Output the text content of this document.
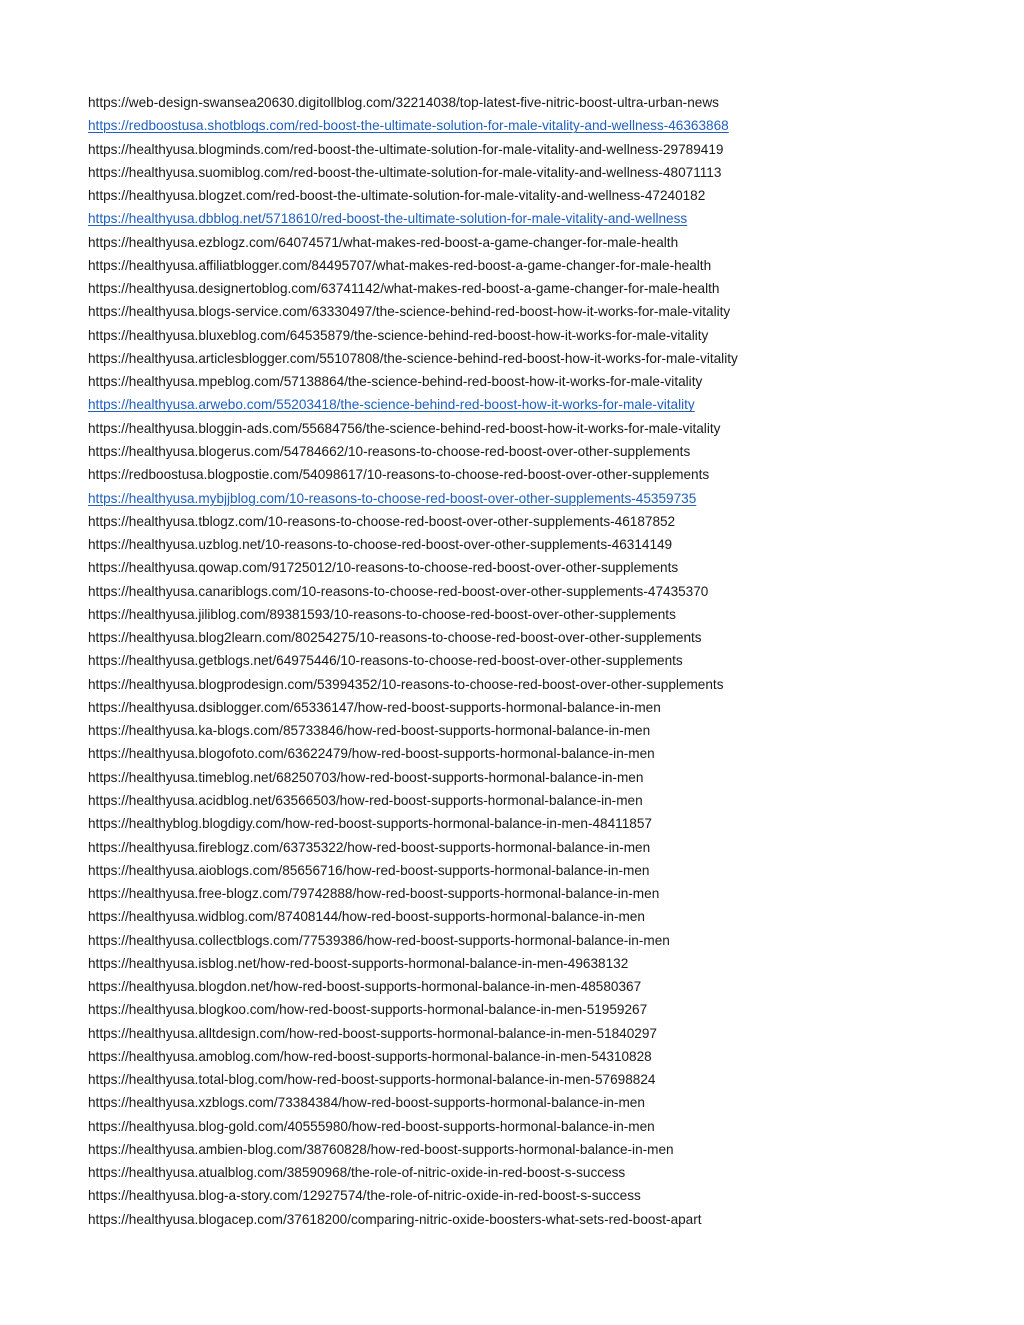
https://web-design-swansea20630.digitollblog.com/32214038/top-latest-five-nitric-boost-ultra-urban-news
https://redboostusa.shotblogs.com/red-boost-the-ultimate-solution-for-male-vitality-and-wellness-46363868
https://healthyusa.blogminds.com/red-boost-the-ultimate-solution-for-male-vitality-and-wellness-29789419
https://healthyusa.suomiblog.com/red-boost-the-ultimate-solution-for-male-vitality-and-wellness-48071113
https://healthyusa.blogzet.com/red-boost-the-ultimate-solution-for-male-vitality-and-wellness-47240182
https://healthyusa.dbblog.net/5718610/red-boost-the-ultimate-solution-for-male-vitality-and-wellness
https://healthyusa.ezblogz.com/64074571/what-makes-red-boost-a-game-changer-for-male-health
https://healthyusa.affiliatblogger.com/84495707/what-makes-red-boost-a-game-changer-for-male-health
https://healthyusa.designertoblog.com/63741142/what-makes-red-boost-a-game-changer-for-male-health
https://healthyusa.blogs-service.com/63330497/the-science-behind-red-boost-how-it-works-for-male-vitality
https://healthyusa.bluxeblog.com/64535879/the-science-behind-red-boost-how-it-works-for-male-vitality
https://healthyusa.articlesblogger.com/55107808/the-science-behind-red-boost-how-it-works-for-male-vitality
https://healthyusa.mpeblog.com/57138864/the-science-behind-red-boost-how-it-works-for-male-vitality
https://healthyusa.arwebo.com/55203418/the-science-behind-red-boost-how-it-works-for-male-vitality
https://healthyusa.bloggin-ads.com/55684756/the-science-behind-red-boost-how-it-works-for-male-vitality
https://healthyusa.blogerus.com/54784662/10-reasons-to-choose-red-boost-over-other-supplements
https://redboostusa.blogpostie.com/54098617/10-reasons-to-choose-red-boost-over-other-supplements
https://healthyusa.mybjjblog.com/10-reasons-to-choose-red-boost-over-other-supplements-45359735
https://healthyusa.tblogz.com/10-reasons-to-choose-red-boost-over-other-supplements-46187852
https://healthyusa.uzblog.net/10-reasons-to-choose-red-boost-over-other-supplements-46314149
https://healthyusa.qowap.com/91725012/10-reasons-to-choose-red-boost-over-other-supplements
https://healthyusa.canariblogs.com/10-reasons-to-choose-red-boost-over-other-supplements-47435370
https://healthyusa.jiliblog.com/89381593/10-reasons-to-choose-red-boost-over-other-supplements
https://healthyusa.blog2learn.com/80254275/10-reasons-to-choose-red-boost-over-other-supplements
https://healthyusa.getblogs.net/64975446/10-reasons-to-choose-red-boost-over-other-supplements
https://healthyusa.blogprodesign.com/53994352/10-reasons-to-choose-red-boost-over-other-supplements
https://healthyusa.dsiblogger.com/65336147/how-red-boost-supports-hormonal-balance-in-men
https://healthyusa.ka-blogs.com/85733846/how-red-boost-supports-hormonal-balance-in-men
https://healthyusa.blogofoto.com/63622479/how-red-boost-supports-hormonal-balance-in-men
https://healthyusa.timeblog.net/68250703/how-red-boost-supports-hormonal-balance-in-men
https://healthyusa.acidblog.net/63566503/how-red-boost-supports-hormonal-balance-in-men
https://healthyblog.blogdigy.com/how-red-boost-supports-hormonal-balance-in-men-48411857
https://healthyusa.fireblogz.com/63735322/how-red-boost-supports-hormonal-balance-in-men
https://healthyusa.aioblogs.com/85656716/how-red-boost-supports-hormonal-balance-in-men
https://healthyusa.free-blogz.com/79742888/how-red-boost-supports-hormonal-balance-in-men
https://healthyusa.widblog.com/87408144/how-red-boost-supports-hormonal-balance-in-men
https://healthyusa.collectblogs.com/77539386/how-red-boost-supports-hormonal-balance-in-men
https://healthyusa.isblog.net/how-red-boost-supports-hormonal-balance-in-men-49638132
https://healthyusa.blogdon.net/how-red-boost-supports-hormonal-balance-in-men-48580367
https://healthyusa.blogkoo.com/how-red-boost-supports-hormonal-balance-in-men-51959267
https://healthyusa.alltdesign.com/how-red-boost-supports-hormonal-balance-in-men-51840297
https://healthyusa.amoblog.com/how-red-boost-supports-hormonal-balance-in-men-54310828
https://healthyusa.total-blog.com/how-red-boost-supports-hormonal-balance-in-men-57698824
https://healthyusa.xzblogs.com/73384384/how-red-boost-supports-hormonal-balance-in-men
https://healthyusa.blog-gold.com/40555980/how-red-boost-supports-hormonal-balance-in-men
https://healthyusa.ambien-blog.com/38760828/how-red-boost-supports-hormonal-balance-in-men
https://healthyusa.atualblog.com/38590968/the-role-of-nitric-oxide-in-red-boost-s-success
https://healthyusa.blog-a-story.com/12927574/the-role-of-nitric-oxide-in-red-boost-s-success
https://healthyusa.blogacep.com/37618200/comparing-nitric-oxide-boosters-what-sets-red-boost-apart
